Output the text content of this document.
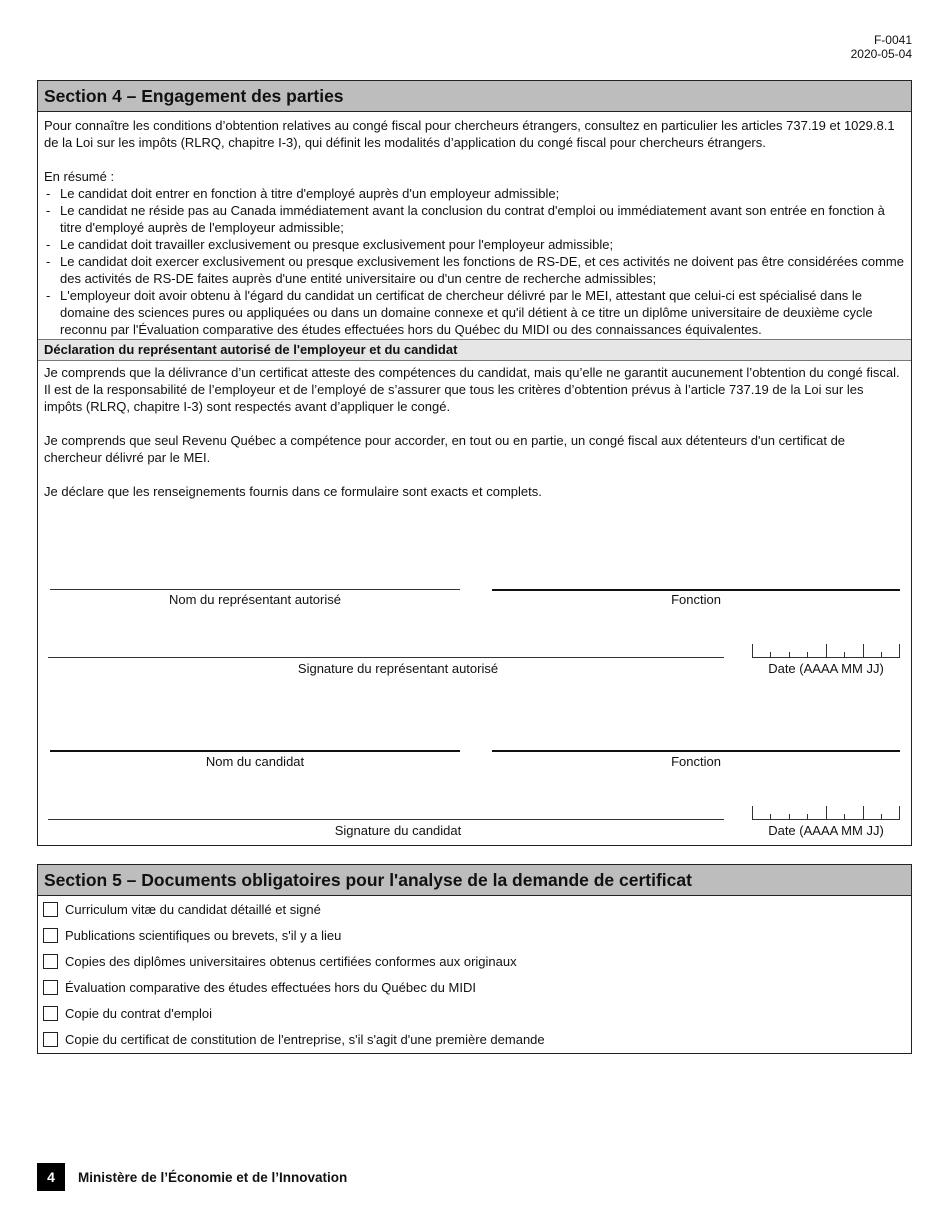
F-0041
2020-05-04
Section 4 – Engagement des parties

Pour connaître les conditions d’obtention relatives au congé fiscal pour chercheurs étrangers, consultez en particulier les articles 737.19 et 1029.8.1 de la Loi sur les impôts (RLRQ, chapitre I-3), qui définit les modalités d’application du congé fiscal pour chercheurs étrangers.

En résumé :

- Le candidat doit entrer en fonction à titre d'employé auprès d'un employeur admissible;
- Le candidat ne réside pas au Canada immédiatement avant la conclusion du contrat d'emploi ou immédiatement avant son entrée en fonction à titre d'employé auprès de l'employeur admissible;
- Le candidat doit travailler exclusivement ou presque exclusivement pour l'employeur admissible;
- Le candidat doit exercer exclusivement ou presque exclusivement les fonctions de RS-DE, et ces activités ne doivent pas être considérées comme des activités de RS-DE faites auprès d'une entité universitaire ou d'un centre de recherche admissibles;
- L'employeur doit avoir obtenu à l'égard du candidat un certificat de chercheur délivré par le MEI, attestant que celui-ci est spécialisé dans le domaine des sciences pures ou appliquées ou dans un domaine connexe et qu'il détient à ce titre un diplôme universitaire de deuxième cycle reconnu par l'Évaluation comparative des études effectuées hors du Québec du MIDI ou des connaissances équivalentes.
Déclaration du représentant autorisé de l'employeur et du candidat

Je comprends que la délivrance d’un certificat atteste des compétences du candidat, mais qu’elle ne garantit aucunement l’obtention du congé fiscal. Il est de la responsabilité de l’employeur et de l’employé de s’assurer que tous les critères d’obtention prévus à l’article 737.19 de la Loi sur les impôts (RLRQ, chapitre I-3) sont respectés avant d’appliquer le congé.

Je comprends que seul Revenu Québec a compétence pour accorder, en tout ou en partie, un congé fiscal aux détenteurs d'un certificat de chercheur délivré par le MEI.

Je déclare que les renseignements fournis dans ce formulaire sont exacts et complets.

Nom du représentant autorisé	Fonction
Signature du représentant autorisé	Date (AAAA MM JJ)
Nom du candidat	Fonction
Signature du candidat	Date (AAAA MM JJ)
Section 5 – Documents obligatoires pour l'analyse de la demande de certificat
Curriculum vitæ du candidat détaillé et signé
Publications scientifiques ou brevets, s'il y a lieu
Copies des diplômes universitaires obtenus certifiées conformes aux originaux
Évaluation comparative des études effectuées hors du Québec du MIDI
Copie du contrat d'emploi
Copie du certificat de constitution de l'entreprise, s'il s'agit d'une première demande
4	Ministère de l’Économie et de l’Innovation
